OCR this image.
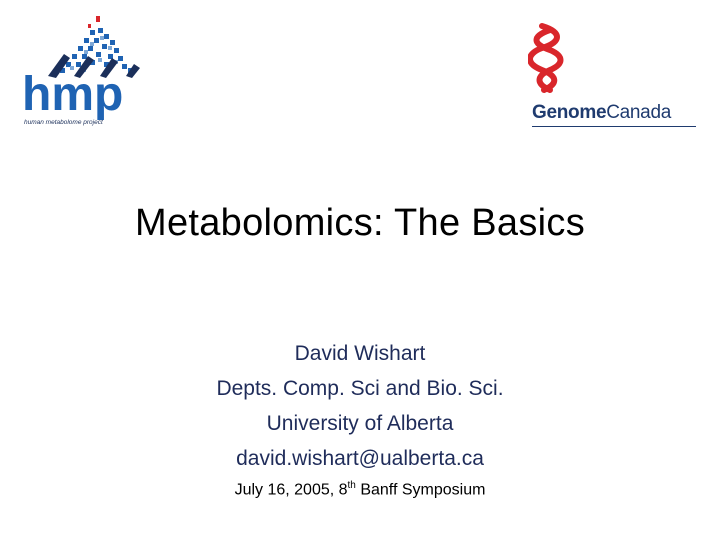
hmp
human metabolome project	GenomeCanada
Metabolomics: The Basics
David Wishart
Depts. Comp. Sci and Bio. Sci.
University of Alberta
david.wishart@ualberta.ca
July 16, 2005, 8th Banff Symposium
